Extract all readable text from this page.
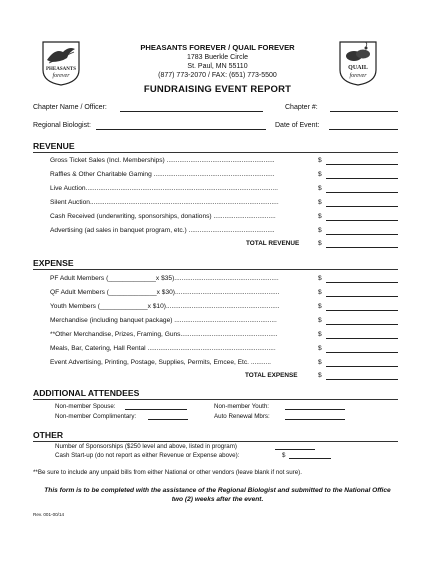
PHEASANTS
forever
QUAIL
forever
PHEASANTS FOREVER / QUAIL FOREVER
1783 Buerkle Circle
St. Paul, MN 55110
(877) 773-2070 / FAX: (651) 773-5500
FUNDRAISING EVENT REPORT
Chapter Name / Officer:	Chapter #:
Regional Biologist:	Date of Event:
REVENUE
Gross Ticket Sales (Incl. Memberships) ...........................................................	$
Raffles & Other Charitable Gaming ..................................................................	$
Live Auction.........................................................................................................	$
Silent Auction.......................................................................................................	$
Cash Received (underwriting, sponsorships, donations) ..................................	$
Advertising (ad sales in banquet program, etc.) ...............................................	$
TOTAL REVENUE	$
EXPENSE
PF Adult Members (_____________x $35).........................................................	$
QF Adult Members (_____________x $30).........................................................	$
Youth Members (_____________x $10)..............................................................	$
Merchandise (including banquet package) ........................................................	$
**Other Merchandise, Prizes, Framing, Guns.....................................................	$
Meals, Bar, Catering, Hall Rental ......................................................................	$
Event Advertising, Printing, Postage, Supplies, Permits, Emcee, Etc. ...........	$
TOTAL EXPENSE	$
ADDITIONAL ATTENDEES
Non-member Spouse:	Non-member Youth:
Non-member Complimentary:	Auto Renewal Mbrs:
OTHER
Number of Sponsorships ($250 level and above, listed in program)
Cash Start-up (do not report as either Revenue or Expense above):	$
**Be sure to include any unpaid bills from either National or other vendors (leave blank if not sure).
This form is to be completed with the assistance of the Regional Biologist and submitted to the National Office two (2) weeks after the event.
Rev. 001-00/14
